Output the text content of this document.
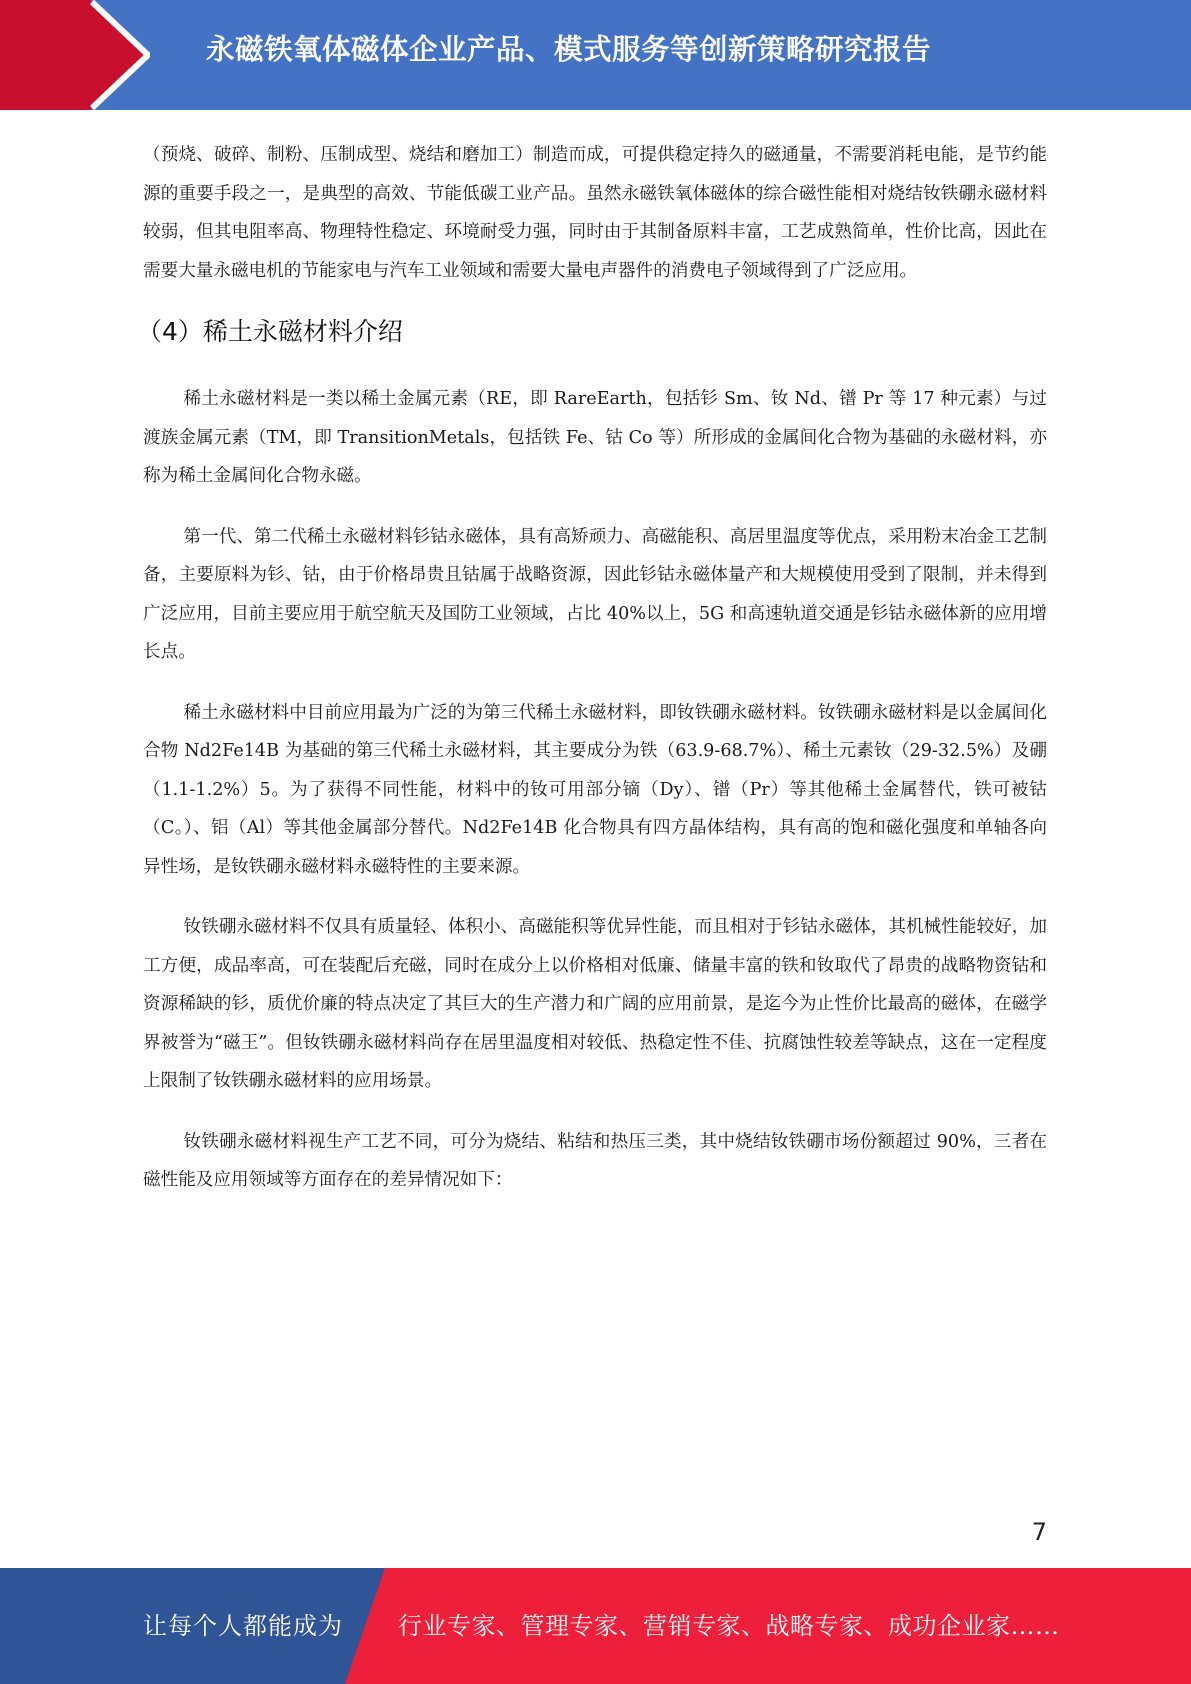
永磁铁氧体磁体企业产品、模式服务等创新策略研究报告

（预烧、破碎、制粉、压制成型、烧结和磨加工）制造而成，可提供稳定持久的磁通量，不需要消耗电能，是节约能源的重要手段之一，是典型的高效、节能低碳工业产品。虽然永磁铁氧体磁体的综合磁性能相对烧结钕铁硼永磁材料较弱，但其电阻率高、物理特性稳定、环境耐受力强，同时由于其制备原料丰富，工艺成熟简单，性价比高，因此在需要大量永磁电机的节能家电与汽车工业领域和需要大量电声器件的消费电子领域得到了广泛应用。

（4）稀土永磁材料介绍

稀土永磁材料是一类以稀土金属元素（RE，即 RareEarth，包括钐 Sm、钕 Nd、镨 Pr 等 17 种元素）与过渡族金属元素（TM，即 TransitionMetals，包括铁 Fe、钴 Co 等）所形成的金属间化合物为基础的永磁材料，亦称为稀土金属间化合物永磁。

第一代、第二代稀土永磁材料钐钴永磁体，具有高矫顽力、高磁能积、高居里温度等优点，采用粉末冶金工艺制备，主要原料为钐、钴，由于价格昂贵且钴属于战略资源，因此钐钴永磁体量产和大规模使用受到了限制，并未得到广泛应用，目前主要应用于航空航天及国防工业领域，占比 40%以上，5G 和高速轨道交通是钐钴永磁体新的应用增长点。

稀土永磁材料中目前应用最为广泛的为第三代稀土永磁材料，即钕铁硼永磁材料。钕铁硼永磁材料是以金属间化合物 Nd2Fe14B 为基础的第三代稀土永磁材料，其主要成分为铁（63.9-68.7%）、稀土元素钕（29-32.5%）及硼（1.1-1.2%）5。为了获得不同性能，材料中的钕可用部分镝（Dy）、镨（Pr）等其他稀土金属替代，铁可被钴（C。）、铝（Al）等其他金属部分替代。Nd2Fe14B 化合物具有四方晶体结构，具有高的饱和磁化强度和单轴各向异性场，是钕铁硼永磁材料永磁特性的主要来源。

钕铁硼永磁材料不仅具有质量轻、体积小、高磁能积等优异性能，而且相对于钐钴永磁体，其机械性能较好，加工方便，成品率高，可在装配后充磁，同时在成分上以价格相对低廉、储量丰富的铁和钕取代了昂贵的战略物资钴和资源稀缺的钐，质优价廉的特点决定了其巨大的生产潜力和广阔的应用前景，是迄今为止性价比最高的磁体，在磁学界被誉为“磁王”。但钕铁硼永磁材料尚存在居里温度相对较低、热稳定性不佳、抗腐蚀性较差等缺点，这在一定程度上限制了钕铁硼永磁材料的应用场景。

钕铁硼永磁材料视生产工艺不同，可分为烧结、粘结和热压三类，其中烧结钕铁硼市场份额超过 90%，三者在磁性能及应用领域等方面存在的差异情况如下：

7
让每个人都能成为 行业专家、管理专家、营销专家、战略专家、成功企业家……
